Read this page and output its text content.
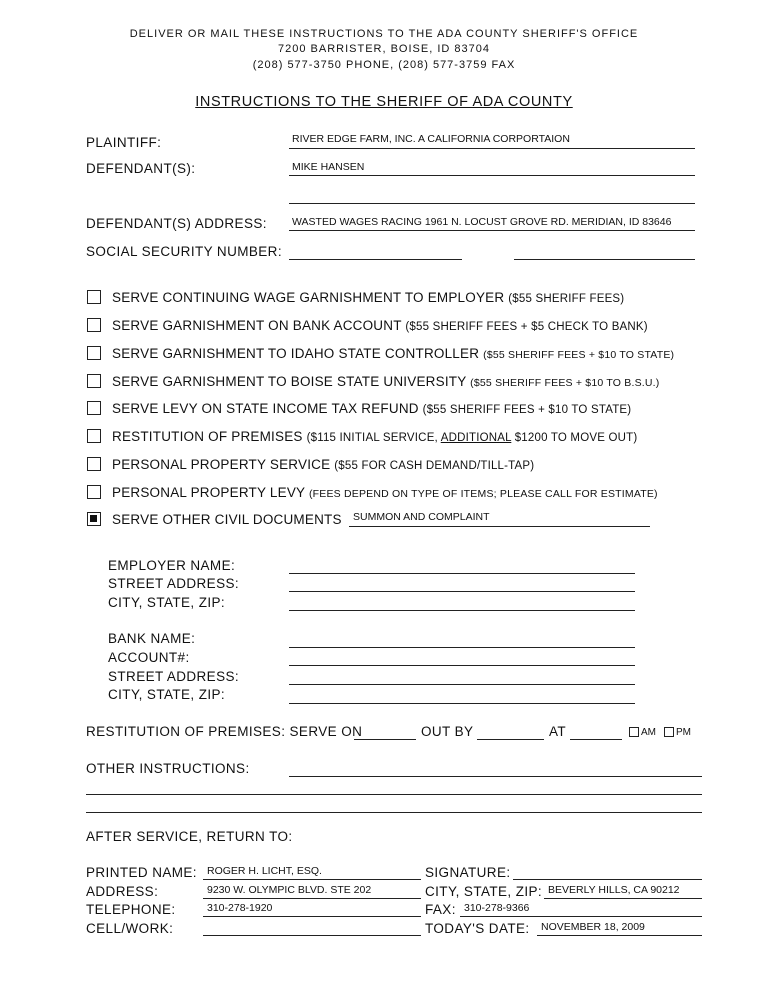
DELIVER OR MAIL THESE INSTRUCTIONS TO THE ADA COUNTY SHERIFF'S OFFICE
7200 BARRISTER, BOISE, ID 83704
(208) 577-3750 PHONE, (208) 577-3759 FAX
INSTRUCTIONS TO THE SHERIFF OF ADA COUNTY
PLAINTIFF:	RIVER EDGE FARM, INC. A CALIFORNIA CORPORTAION
DEFENDANT(S):	MIKE HANSEN
DEFENDANT(S) ADDRESS: WASTED WAGES RACING 1961 N. LOCUST GROVE RD. MERIDIAN, ID 83646
SOCIAL SECURITY NUMBER:
SERVE CONTINUING WAGE GARNISHMENT TO EMPLOYER ($55 SHERIFF FEES)
SERVE GARNISHMENT ON BANK ACCOUNT ($55 SHERIFF FEES + $5 CHECK TO BANK)
SERVE GARNISHMENT TO IDAHO STATE CONTROLLER ($55 SHERIFF FEES + $10 TO STATE)
SERVE GARNISHMENT TO BOISE STATE UNIVERSITY ($55 SHERIFF FEES + $10 TO B.S.U.)
SERVE LEVY ON STATE INCOME TAX REFUND ($55 SHERIFF FEES + $10 TO STATE)
RESTITUTION OF PREMISES ($115 INITIAL SERVICE, ADDITIONAL $1200 TO MOVE OUT)
PERSONAL PROPERTY SERVICE ($55 FOR CASH DEMAND/TILL-TAP)
PERSONAL PROPERTY LEVY (FEES DEPEND ON TYPE OF ITEMS; PLEASE CALL FOR ESTIMATE)
SERVE OTHER CIVIL DOCUMENTS SUMMON AND COMPLAINT
EMPLOYER NAME:
STREET ADDRESS:
CITY, STATE, ZIP:
BANK NAME:
ACCOUNT#:
STREET ADDRESS:
CITY, STATE, ZIP:
RESTITUTION OF PREMISES: SERVE ON	OUT BY	AT	AM PM
OTHER INSTRUCTIONS:
AFTER SERVICE, RETURN TO:
PRINTED NAME: ROGER H. LICHT, ESQ.
ADDRESS:	9230 W. OLYMPIC BLVD. STE 202
TELEPHONE:	310-278-1920
CELL/WORK:
SIGNATURE:
CITY, STATE, ZIP: BEVERLY HILLS, CA 90212
FAX: 310-278-9366
TODAY'S DATE: NOVEMBER 18, 2009
